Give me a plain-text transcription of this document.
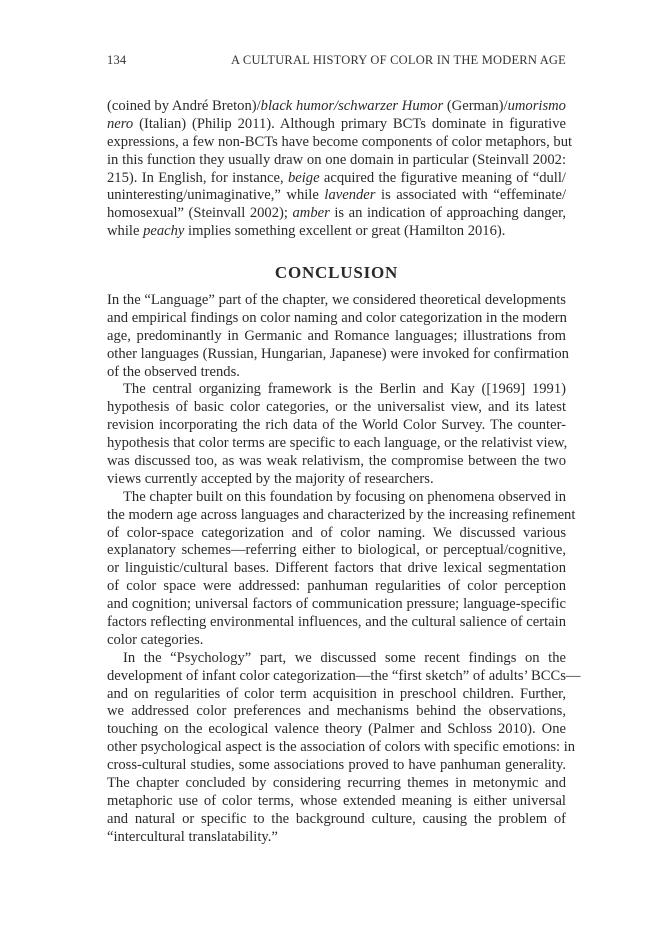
134	A CULTURAL HISTORY OF COLOR IN THE MODERN AGE
(coined by André Breton)/black humor/schwarzer Humor (German)/umorismo
nero (Italian) (Philip 2011). Although primary BCTs dominate in figurative
expressions, a few non-BCTs have become components of color metaphors, but
in this function they usually draw on one domain in particular (Steinvall 2002:
215). In English, for instance, beige acquired the figurative meaning of “dull/
uninteresting/unimaginative,” while lavender is associated with “effeminate/
homosexual” (Steinvall 2002); amber is an indication of approaching danger,
while peachy implies something excellent or great (Hamilton 2016).
CONCLUSION
In the “Language” part of the chapter, we considered theoretical developments
and empirical findings on color naming and color categorization in the modern
age, predominantly in Germanic and Romance languages; illustrations from
other languages (Russian, Hungarian, Japanese) were invoked for confirmation
of the observed trends.
The central organizing framework is the Berlin and Kay ([1969] 1991)
hypothesis of basic color categories, or the universalist view, and its latest
revision incorporating the rich data of the World Color Survey. The counter-
hypothesis that color terms are specific to each language, or the relativist view,
was discussed too, as was weak relativism, the compromise between the two
views currently accepted by the majority of researchers.
The chapter built on this foundation by focusing on phenomena observed in
the modern age across languages and characterized by the increasing refinement
of color-space categorization and of color naming. We discussed various
explanatory schemes—referring either to biological, or perceptual/cognitive,
or linguistic/cultural bases. Different factors that drive lexical segmentation
of color space were addressed: panhuman regularities of color perception
and cognition; universal factors of communication pressure; language-specific
factors reflecting environmental influences, and the cultural salience of certain
color categories.
In the “Psychology” part, we discussed some recent findings on the
development of infant color categorization—the “first sketch” of adults’ BCCs—
and on regularities of color term acquisition in preschool children. Further,
we addressed color preferences and mechanisms behind the observations,
touching on the ecological valence theory (Palmer and Schloss 2010). One
other psychological aspect is the association of colors with specific emotions: in
cross-cultural studies, some associations proved to have panhuman generality.
The chapter concluded by considering recurring themes in metonymic and
metaphoric use of color terms, whose extended meaning is either universal
and natural or specific to the background culture, causing the problem of
“intercultural translatability.”
